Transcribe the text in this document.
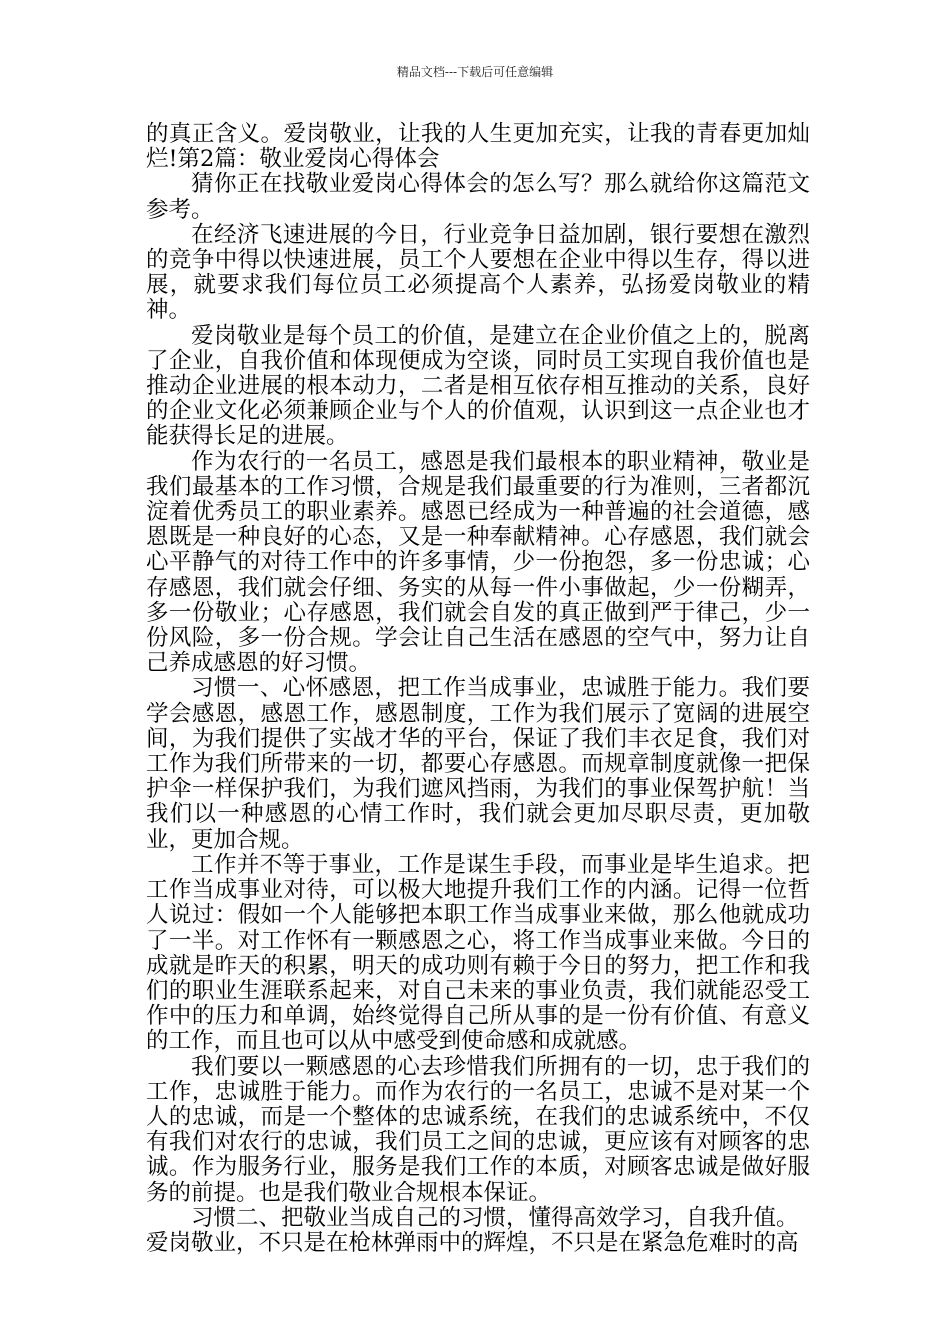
精品文档---下载后可任意编辑

的真正含义。爱岗敬业，让我的人生更加充实，让我的青春更加灿烂!第2篇：敬业爱岗心得体会

猜你正在找敬业爱岗心得体会的怎么写？那么就给你这篇范文参考。

在经济飞速进展的今日，行业竞争日益加剧，银行要想在激烈的竞争中得以快速进展，员工个人要想在企业中得以生存，得以进展，就要求我们每位员工必须提高个人素养，弘扬爱岗敬业的精神。

爱岗敬业是每个员工的价值，是建立在企业价值之上的，脱离了企业，自我价值和体现便成为空谈，同时员工实现自我价值也是推动企业进展的根本动力，二者是相互依存相互推动的关系，良好的企业文化必须兼顾企业与个人的价值观，认识到这一点企业也才能获得长足的进展。

作为农行的一名员工，感恩是我们最根本的职业精神，敬业是我们最基本的工作习惯，合规是我们最重要的行为准则，三者都沉淀着优秀员工的职业素养。感恩已经成为一种普遍的社会道德，感恩既是一种良好的心态，又是一种奉献精神。心存感恩，我们就会心平静气的对待工作中的许多事情，少一份抱怨，多一份忠诚；心存感恩，我们就会仔细、务实的从每一件小事做起，少一份糊弄，多一份敬业；心存感恩，我们就会自发的真正做到严于律己，少一份风险，多一份合规。学会让自己生活在感恩的空气中，努力让自己养成感恩的好习惯。

习惯一、心怀感恩，把工作当成事业，忠诚胜于能力。我们要学会感恩，感恩工作，感恩制度，工作为我们展示了宽阔的进展空间，为我们提供了实战才华的平台，保证了我们丰衣足食，我们对工作为我们所带来的一切，都要心存感恩。而规章制度就像一把保护伞一样保护我们，为我们遮风挡雨，为我们的事业保驾护航！当我们以一种感恩的心情工作时，我们就会更加尽职尽责，更加敬业，更加合规。

工作并不等于事业，工作是谋生手段，而事业是毕生追求。把工作当成事业对待，可以极大地提升我们工作的内涵。记得一位哲人说过：假如一个人能够把本职工作当成事业来做，那么他就成功了一半。对工作怀有一颗感恩之心，将工作当成事业来做。今日的成就是昨天的积累，明天的成功则有赖于今日的努力，把工作和我们的职业生涯联系起来，对自己未来的事业负责，我们就能忍受工作中的压力和单调，始终觉得自己所从事的是一份有价值、有意义的工作，而且也可以从中感受到使命感和成就感。

我们要以一颗感恩的心去珍惜我们所拥有的一切，忠于我们的工作，忠诚胜于能力。而作为农行的一名员工，忠诚不是对某一个人的忠诚，而是一个整体的忠诚系统，在我们的忠诚系统中，不仅有我们对农行的忠诚，我们员工之间的忠诚，更应该有对顾客的忠诚。作为服务行业，服务是我们工作的本质，对顾客忠诚是做好服务的前提。也是我们敬业合规根本保证。

习惯二、把敬业当成自己的习惯，懂得高效学习，自我升值。

爱岗敬业，不只是在枪林弹雨中的辉煌，不只是在紧急危难时的高
